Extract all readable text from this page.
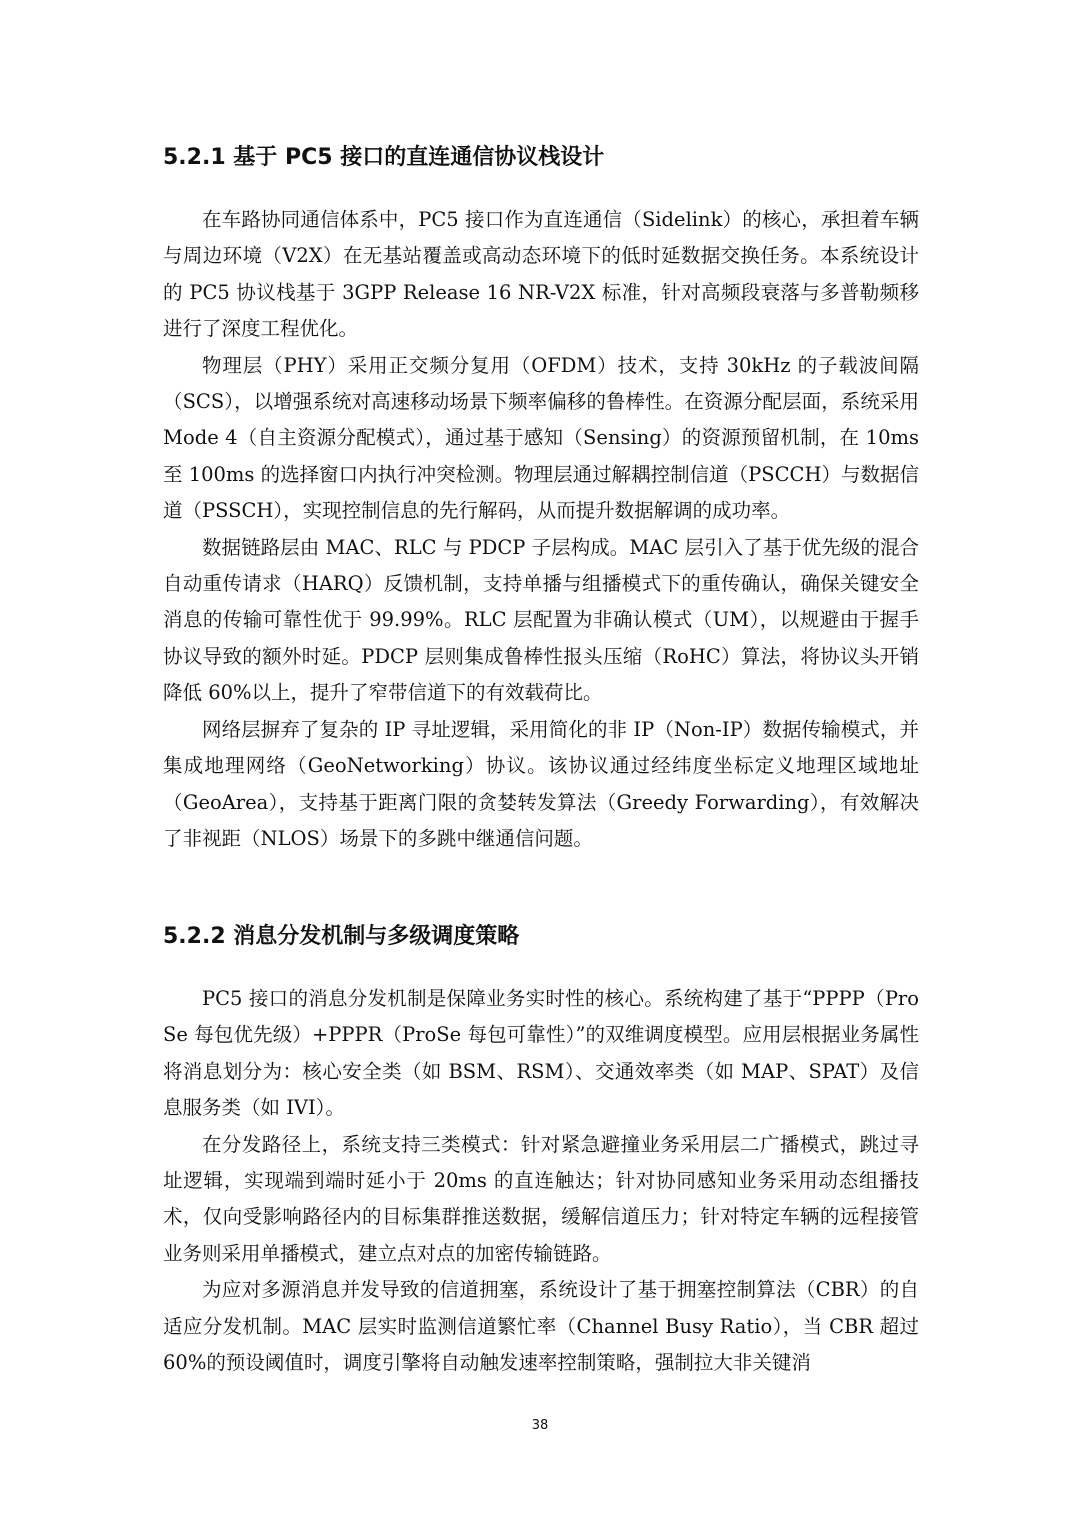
5.2.1 基于 PC5 接口的直连通信协议栈设计

在车路协同通信体系中，PC5 接口作为直连通信（Sidelink）的核心，承担着车辆与周边环境（V2X）在无基站覆盖或高动态环境下的低时延数据交换任务。本系统设计的 PC5 协议栈基于 3GPP Release 16 NR-V2X 标准，针对高频段衰落与多普勒频移进行了深度工程优化。

物理层（PHY）采用正交频分复用（OFDM）技术，支持 30kHz 的子载波间隔（SCS），以增强系统对高速移动场景下频率偏移的鲁棒性。在资源分配层面，系统采用 Mode 4（自主资源分配模式），通过基于感知（Sensing）的资源预留机制，在 10ms 至 100ms 的选择窗口内执行冲突检测。物理层通过解耦控制信道（PSCCH）与数据信道（PSSCH），实现控制信息的先行解码，从而提升数据解调的成功率。

数据链路层由 MAC、RLC 与 PDCP 子层构成。MAC 层引入了基于优先级的混合自动重传请求（HARQ）反馈机制，支持单播与组播模式下的重传确认，确保关键安全消息的传输可靠性优于 99.99%。RLC 层配置为非确认模式（UM），以规避由于握手协议导致的额外时延。PDCP 层则集成鲁棒性报头压缩（RoHC）算法，将协议头开销降低 60%以上，提升了窄带信道下的有效载荷比。

网络层摒弃了复杂的 IP 寻址逻辑，采用简化的非 IP（Non-IP）数据传输模式，并集成地理网络（GeoNetworking）协议。该协议通过经纬度坐标定义地理区域地址（GeoArea），支持基于距离门限的贪婪转发算法（Greedy Forwarding），有效解决了非视距（NLOS）场景下的多跳中继通信问题。

5.2.2 消息分发机制与多级调度策略

PC5 接口的消息分发机制是保障业务实时性的核心。系统构建了基于“PPPP（ProSe 每包优先级）+PPPR（ProSe 每包可靠性）”的双维调度模型。应用层根据业务属性将消息划分为：核心安全类（如 BSM、RSM）、交通效率类（如 MAP、SPAT）及信息服务类（如 IVI）。

在分发路径上，系统支持三类模式：针对紧急避撞业务采用层二广播模式，跳过寻址逻辑，实现端到端时延小于 20ms 的直连触达；针对协同感知业务采用动态组播技术，仅向受影响路径内的目标集群推送数据，缓解信道压力；针对特定车辆的远程接管业务则采用单播模式，建立点对点的加密传输链路。

为应对多源消息并发导致的信道拥塞，系统设计了基于拥塞控制算法（CBR）的自适应分发机制。MAC 层实时监测信道繁忙率（Channel Busy Ratio），当 CBR 超过 60%的预设阈值时，调度引擎将自动触发速率控制策略，强制拉大非关键消

38
